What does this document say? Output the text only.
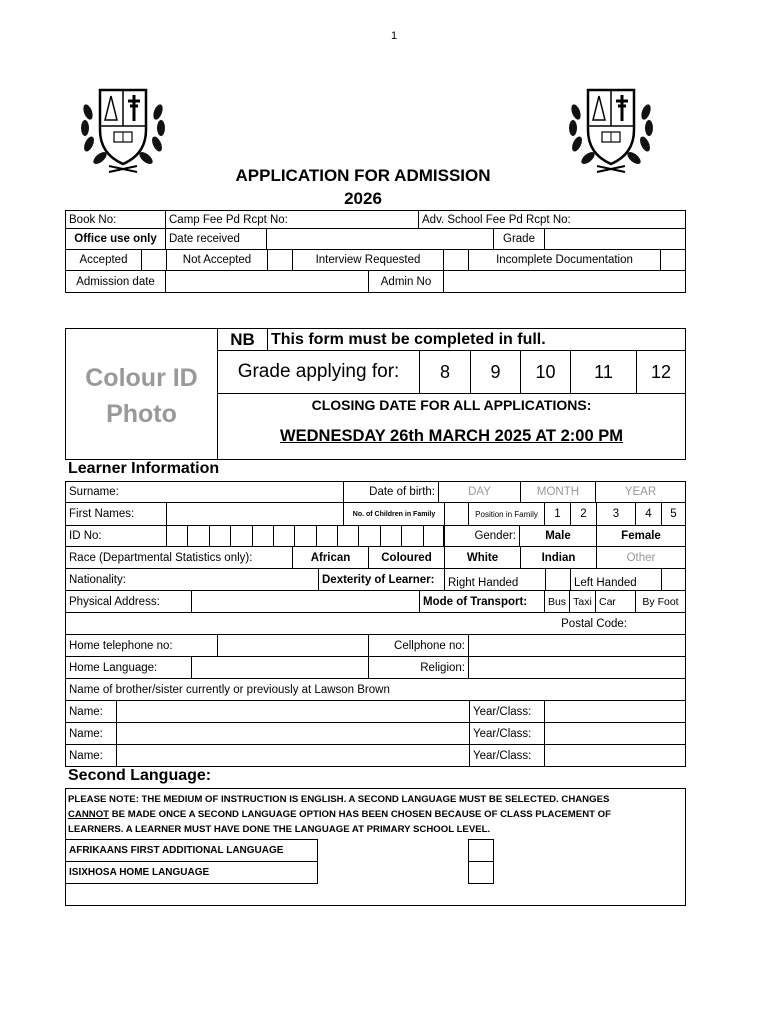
1
APPLICATION FOR ADMISSION
2026
Book No:	Camp Fee Pd Rcpt No:	Adv. School Fee Pd Rcpt No:
Office use only	Date received	Grade
Accepted	Not Accepted	Interview Requested	Incomplete Documentation
Admission date	Admin No
Colour ID
Photo
NB	This form must be completed in full.
Grade applying for:	8	9	10	11	12
CLOSING DATE FOR ALL APPLICATIONS:
WEDNESDAY 26th MARCH 2025 AT 2:00 PM
Learner Information
Surname:	Date of birth:	DAY	MONTH	YEAR
First Names:	No. of Children in Family	Position in Family	1	2	3	4	5
ID No:	Gender:	Male	Female
Race (Departmental Statistics only):	African	Coloured	White	Indian	Other
Nationality:	Dexterity of Learner:	Right Handed	Left Handed
Physical Address:	Mode of Transport:	Bus Taxi Car	By Foot
Postal Code:
Home telephone no:	Cellphone no:
Home Language:	Religion:
Name of brother/sister currently or previously at Lawson Brown
Name:	Year/Class:
Name:	Year/Class:
Name:	Year/Class:
Second Language:
PLEASE NOTE: THE MEDIUM OF INSTRUCTION IS ENGLISH. A SECOND LANGUAGE MUST BE SELECTED. CHANGES
CANNOT BE MADE ONCE A SECOND LANGUAGE OPTION HAS BEEN CHOSEN BECAUSE OF CLASS PLACEMENT OF
LEARNERS. A LEARNER MUST HAVE DONE THE LANGUAGE AT PRIMARY SCHOOL LEVEL.
AFRIKAANS FIRST ADDITIONAL LANGUAGE
ISIXHOSA HOME LANGUAGE
